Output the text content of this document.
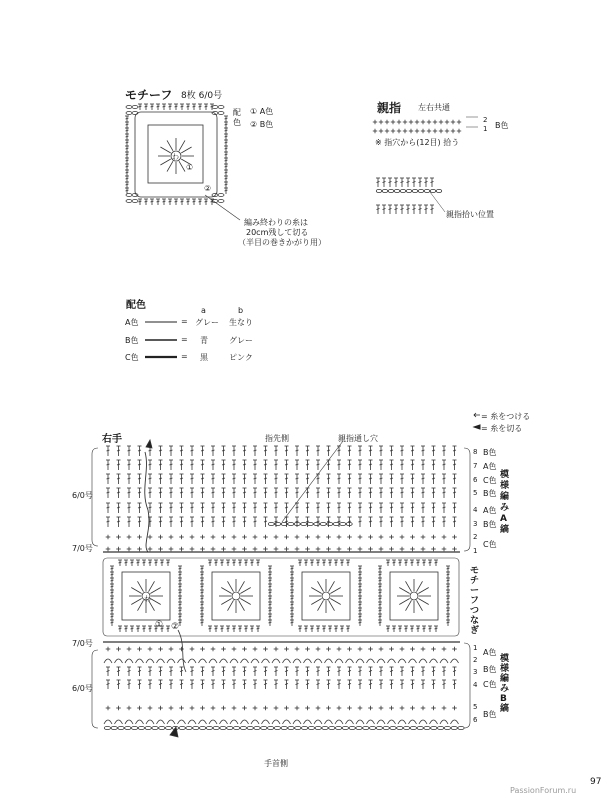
モチーフ 8枚 6/0号
配色
① A色
② B色
編み終わりの糸は
20cm残して切る
（半目の巻きかがり用）
わ
①
②
親指 左右共通
2
1 B色
※ 指穴から(12目) 拾う
親指拾い位置
配色	a	b
A色	= グレー 生なり
B色	= 青	グレー
C色	= 黒	ピンク
= 糸をつける
= 糸を切る
右手	指先側	親指通し穴
手首側
6/0号
7/0号
7/0号
6/0号
わ
① ②
8 B色
7 A色
6 C色
5 B色
4 A色
3 B色
2
1
C色
模様編みA縞
モチーフつなぎ
1
2
3
4
5
6
A色
B色
C色
B色
模様編みB縞
97
PassionForum.ru
